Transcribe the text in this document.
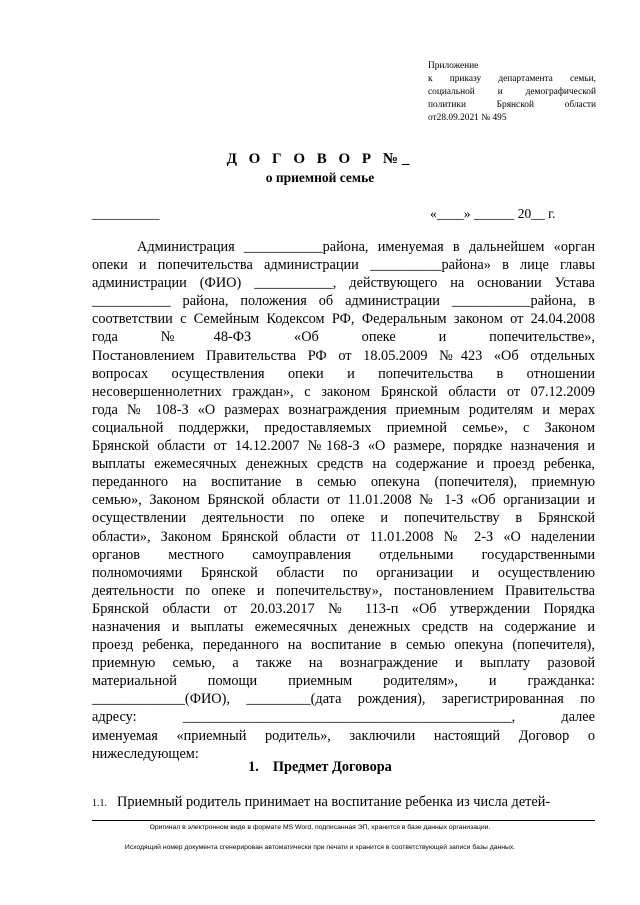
Приложение
к приказу департамента семьи,
социальной и демографической
политики Брянской области
от28.09.2021 № 495
Д О Г О В О Р №_
о приемной семье
__________	«____» ______ 20__ г.
Администрация ___________района, именуемая в дальнейшем «орган
опеки и попечительства администрации __________района» в лице главы
администрации (ФИО) ___________, действующего на основании Устава
___________ района, положения об администрации ___________района, в
соответствии с Семейным Кодексом РФ, Федеральным законом от 24.04.2008
года №48-ФЗ «Об опеке и попечительстве»,
Постановлением Правительства РФ от 18.05.2009 №423 «Об отдельных
вопросах осуществления опеки и попечительства в отношении
несовершеннолетних граждан», с законом Брянской области от 07.12.2009
года № 108-З «О размерах вознаграждения приемным родителям и мерах
социальной поддержки, предоставляемых приемной семье», с Законом
Брянской области от 14.12.2007 №168-З «О размере, порядке назначения и
выплаты ежемесячных денежных средств на содержание и проезд ребенка,
переданного на воспитание в семью опекуна (попечителя), приемную
семью», Законом Брянской области от 11.01.2008 № 1-З «Об организации и
осуществлении деятельности по опеке и попечительству в Брянской
области», Законом Брянской области от 11.01.2008 № 2-З «О наделении
органов местного самоуправления отдельными государственными
полномочиями Брянской области по организации и осуществлению
деятельности по опеке и попечительству», постановлением Правительства
Брянской области от 20.03.2017 № 113-п «Об утверждении Порядка
назначения и выплаты ежемесячных денежных средств на содержание и
проезд ребенка, переданного на воспитание в семью опекуна (попечителя),
приемную семью, а также на вознаграждение и выплату разовой
материальной помощи приемным родителям», и гражданка:
_____________(ФИО), _________(дата рождения), зарегистрированная по
адресу: ______________________________________________, далее
именуемая «приемный родитель», заключили настоящий Договор о
нижеследующем:
1. Предмет Договора
1.1. Приемный родитель принимает на воспитание ребенка из числа детей-
Оригинал в электронном виде в формате MS Word, подписанная ЭП, хранится в базе данных организации.
Исходящий номер документа сгенерирован автоматически при печати и хранится в соответствующей записи базы данных.
